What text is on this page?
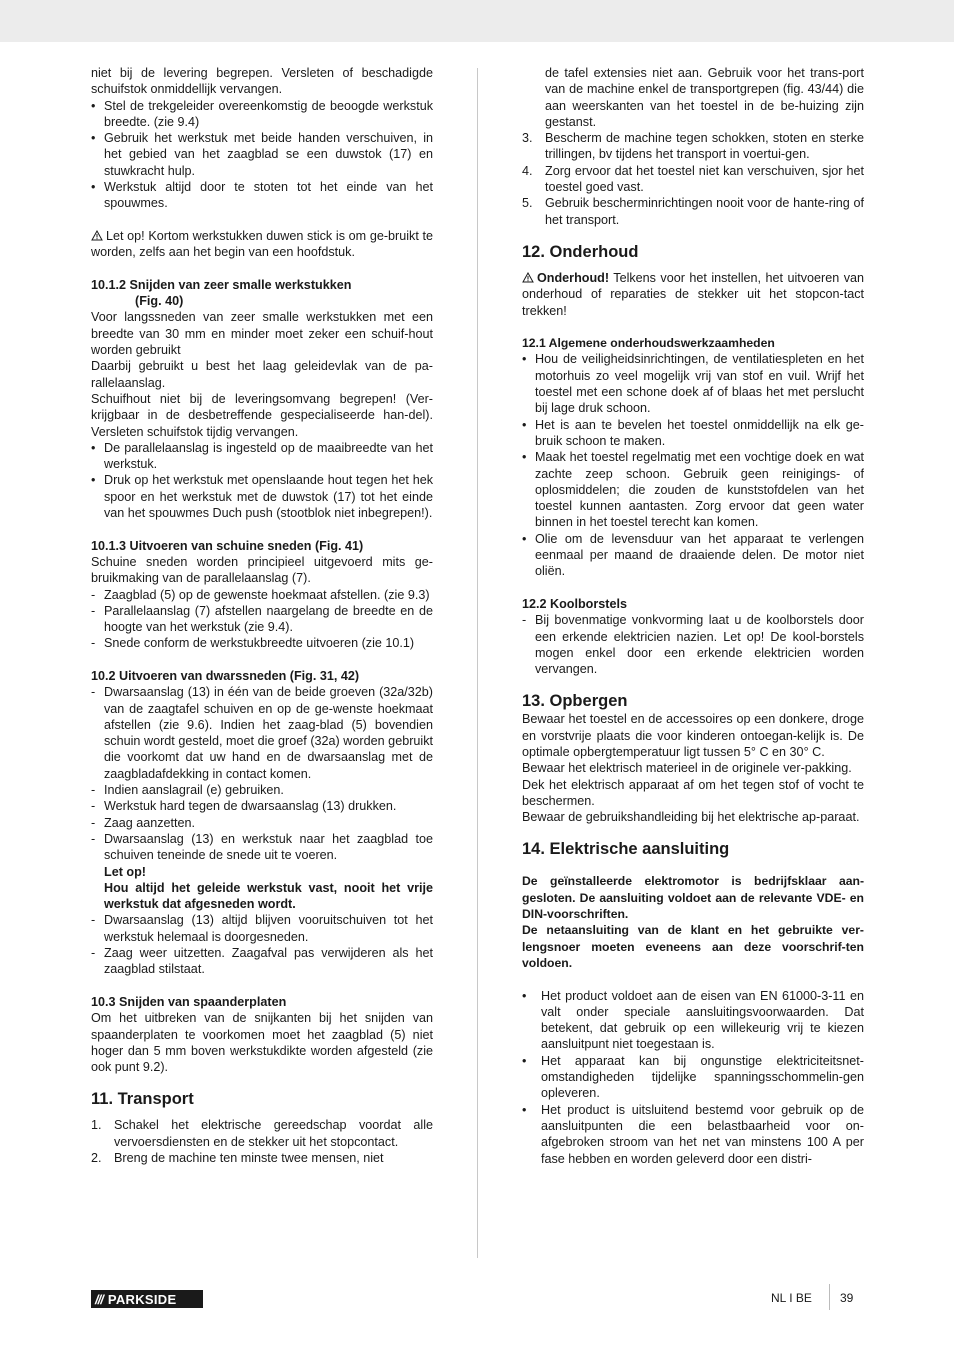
niet bij de levering begrepen. Versleten of beschadigde schuifstok onmiddellijk vervangen.
• Stel de trekgeleider overeenkomstig de beoogde werkstuk breedte. (zie 9.4)
• Gebruik het werkstuk met beide handen verschuiven, in het gebied van het zaagblad se een duwstok (17) en stuwkracht hulp.
• Werkstuk altijd door te stoten tot het einde van het spouwmes.
Let op! Kortom werkstukken duwen stick is om ge-bruikt te worden, zelfs aan het begin van een hoofdstuk.
10.1.2 Snijden van zeer smalle werkstukken
(Fig. 40)
Voor langssneden van zeer smalle werkstukken met een breedte van 30 mm en minder moet zeker een schuif-hout worden gebruikt
Daarbij gebruikt u best het laag geleidevlak van de pa-rallelaanslag.
Schuifhout niet bij de leveringsomvang begrepen! (Ver-krijgbaar in de desbetreffende gespecialiseerde han-del). Versleten schuifstok tijdig vervangen.
• De parallelaanslag is ingesteld op de maaibreedte van het werkstuk.
• Druk op het werkstuk met openslaande hout tegen het hek spoor en het werkstuk met de duwstok (17) tot het einde van het spouwmes Duch push (stootblok niet inbegrepen!).
10.1.3 Uitvoeren van schuine sneden (Fig. 41)
Schuine sneden worden principieel uitgevoerd mits ge-bruikmaking van de parallelaanslag (7).
- Zaagblad (5) op de gewenste hoekmaat afstellen. (zie 9.3)
- Parallelaanslag (7) afstellen naargelang de breedte en de hoogte van het werkstuk (zie 9.4).
- Snede conform de werkstukbreedte uitvoeren (zie 10.1)
10.2 Uitvoeren van dwarssneden (Fig. 31, 42)
- Dwarsaanslag (13) in één van de beide groeven (32a/32b) van de zaagtafel schuiven en op de ge-wenste hoekmaat afstellen (zie 9.6). Indien het zaag-blad (5) bovendien schuin wordt gesteld, moet die groef (32a) worden gebruikt die voorkomt dat uw hand en de dwarsaanslag met de zaagbladafdekking in contact komen.
- Indien aanslagrail (e) gebruiken.
- Werkstuk hard tegen de dwarsaanslag (13) drukken.
- Zaag aanzetten.
- Dwarsaanslag (13) en werkstuk naar het zaagblad toe schuiven teneinde de snede uit te voeren.
Let op!
Hou altijd het geleide werkstuk vast, nooit het vrije werkstuk dat afgesneden wordt.
- Dwarsaanslag (13) altijd blijven vooruitschuiven tot het werkstuk helemaal is doorgesneden.
- Zaag weer uitzetten. Zaagafval pas verwijderen als het zaagblad stilstaat.
10.3 Snijden van spaanderplaten
Om het uitbreken van de snijkanten bij het snijden van spaanderplaten te voorkomen moet het zaagblad (5) niet hoger dan 5 mm boven werkstukdikte worden afgesteld (zie ook punt 9.2).
11. Transport
1. Schakel het elektrische gereedschap voordat alle vervoersdiensten en de stekker uit het stopcontact.
2. Breng de machine ten minste twee mensen, niet
de tafel extensies niet aan. Gebruik voor het trans-port van de machine enkel de transportgrepen (fig. 43/44) die aan weerskanten van het toestel in de be-huizing zijn gestanst.
3. Bescherm de machine tegen schokken, stoten en sterke trillingen, bv tijdens het transport in voertui-gen.
4. Zorg ervoor dat het toestel niet kan verschuiven, sjor het toestel goed vast.
5. Gebruik bescherminrichtingen nooit voor de hante-ring of het transport.
12. Onderhoud
Onderhoud! Telkens voor het instellen, het uitvoeren van onderhoud of reparaties de stekker uit het stopcon-tact trekken!
12.1 Algemene onderhoudswerkzaamheden
• Hou de veiligheidsinrichtingen, de ventilatiespleten en het motorhuis zo veel mogelijk vrij van stof en vuil. Wrijf het toestel met een schone doek af of blaas het met perslucht bij lage druk schoon.
• Het is aan te bevelen het toestel onmiddellijk na elk ge-bruik schoon te maken.
• Maak het toestel regelmatig met een vochtige doek en wat zachte zeep schoon. Gebruik geen reinigings- of oplosmiddelen; die zouden de kunststofdelen van het toestel kunnen aantasten. Zorg ervoor dat geen water binnen in het toestel terecht kan komen.
• Olie om de levensduur van het apparaat te verlengen eenmaal per maand de draaiende delen. De motor niet oliën.
12.2 Koolborstels
- Bij bovenmatige vonkvorming laat u de koolborstels door een erkende elektricien nazien. Let op! De kool-borstels mogen enkel door een erkende elektricien worden vervangen.
13. Opbergen
Bewaar het toestel en de accessoires op een donkere, droge en vorstvrije plaats die voor kinderen ontoegan-kelijk is. De optimale opbergtemperatuur ligt tussen 5° C en 30° C.
Bewaar het elektrisch materieel in de originele ver-pakking.
Dek het elektrisch apparaat af om het tegen stof of vocht te beschermen.
Bewaar de gebruikshandleiding bij het elektrische ap-paraat.
14. Elektrische aansluiting
De geïnstalleerde elektromotor is bedrijfsklaar aan-gesloten. De aansluiting voldoet aan de relevante VDE- en DIN-voorschriften.
De netaansluiting van de klant en het gebruikte ver-lengsnoer moeten eveneens aan deze voorschrif-ten voldoen.
• Het product voldoet aan de eisen van EN 61000-3-11 en valt onder speciale aansluitingsvoorwaarden. Dat betekent, dat gebruik op een willekeurig vrij te kiezen aansluitpunt niet toegestaan is.
• Het apparaat kan bij ongunstige elektriciteitsnet-omstandigheden tijdelijke spanningsschommelin-gen opleveren.
• Het product is uitsluitend bestemd voor gebruik op de aansluitpunten die een belastbaarheid voor on-afgebroken stroom van het net van minstens 100 A per fase hebben en worden geleverd door een distri-
/// PARKSIDE	NL I BE 39
